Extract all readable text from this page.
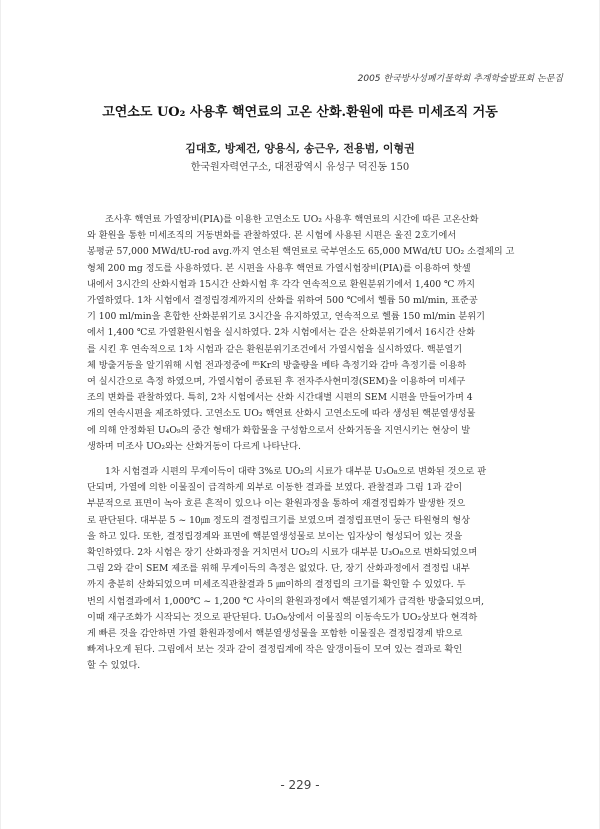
2005 한국방사성폐기물학회 추계학술발표회 논문집
고연소도 UO₂ 사용후 핵연료의 고온 산화.환원에 따른 미세조직 거동
김대호, 방제건, 양용식, 송근우, 전용범, 이형권
한국원자력연구소, 대전광역시 유성구 덕진동 150
조사후 핵연료 가열장비(PIA)를 이용한 고연소도 UO₂ 사용후 핵연료의 시간에 따른 고온산화
와 환원을 통한 미세조직의 거동변화를 관찰하였다. 본 시험에 사용된 시편은 울진 2호기에서
봉평균 57,000 MWd/tU-rod avg.까지 연소된 핵연료로 국부연소도 65,000 MWd/tU UO₂ 소결체의 고
형체 200 mg 정도를 사용하였다. 본 시편을 사용후 핵연료 가열시험장비(PIA)를 이용하여 핫셀
내에서 3시간의 산화시험과 15시간 산화시험 후 각각 연속적으로 환원분위기에서 1,400 ℃ 까지
가열하였다. 1차 시험에서 결정립경계까지의 산화를 위하여 500 ℃에서 헬륨 50 ml/min, 표준공
기 100 ml/min을 혼합한 산화분위기로 3시간을 유지하였고, 연속적으로 헬륨 150 ml/min 분위기
에서 1,400 ℃로 가열환원시험을 실시하였다. 2차 시험에서는 같은 산화분위기에서 16시간 산화
를 시킨 후 연속적으로 1차 시험과 같은 환원분위기조건에서 가열시험을 실시하였다. 핵분열기
체 방출거동을 알기위해 시험 전과정중에 ⁸⁵Kr의 방출량을 베타 측정기와 감마 측정기를 이용하
여 실시간으로 측정 하였으며, 가열시험이 종료된 후 전자주사현미경(SEM)을 이용하여 미세구
조의 변화를 관찰하였다. 특히, 2차 시험에서는 산화 시간대별 시편의 SEM 시편을 만들어가며 4
개의 연속시편을 제조하였다. 고연소도 UO₂ 핵연료 산화시 고연소도에 따라 생성된 핵분열생성물
에 의해 안정화된 U₄O₉의 중간 형태가 화합물을 구성함으로서 산화거동을 지연시키는 현상이 발
생하며 미조사 UO₂와는 산화거동이 다르게 나타난다.
1차 시험결과 시편의 무게이득이 대략 3%로 UO₂의 시료가 대부분 U₃O₈으로 변화된 것으로 판
단되며, 가열에 의한 이물질이 급격하게 외부로 이동한 결과를 보였다. 관찰결과 그림 1과 같이
부분적으로 표면이 녹아 흐른 흔적이 있으나 이는 환원과정을 통하여 재결정립화가 발생한 것으
로 판단된다. 대부분 5 ~ 10㎛ 정도의 결정립크기를 보였으며 결정립표면이 둥근 타원형의 형상
을 하고 있다. 또한, 결정립경계와 표면에 핵분열생성물로 보이는 입자상이 형성되어 있는 것을
확인하였다. 2차 시험은 장기 산화과정을 거치면서 UO₂의 시료가 대부분 U₃O₈으로 변화되었으며
그림 2와 같이 SEM 제조를 위해 무게이득의 측정은 없었다. 단, 장기 산화과정에서 결정립 내부
까지 충분히 산화되었으며 미세조직관찰결과 5 ㎛이하의 결정립의 크기를 확인할 수 있었다. 두
번의 시험결과에서 1,000℃ ~ 1,200 ℃ 사이의 환원과정에서 핵분열기체가 급격한 방출되었으며,
이때 재구조화가 시작되는 것으로 판단된다. U₃O₈상에서 이물질의 이동속도가 UO₂상보다 현격하
게 빠른 것을 감안하면 가열 환원과정에서 핵분열생성물을 포함한 이물질은 결정립경계 밖으로
빠져나오게 된다. 그림에서 보는 것과 같이 결정립계에 작은 알갱이들이 모여 있는 결과로 확인
할 수 있었다.
- 229 -
